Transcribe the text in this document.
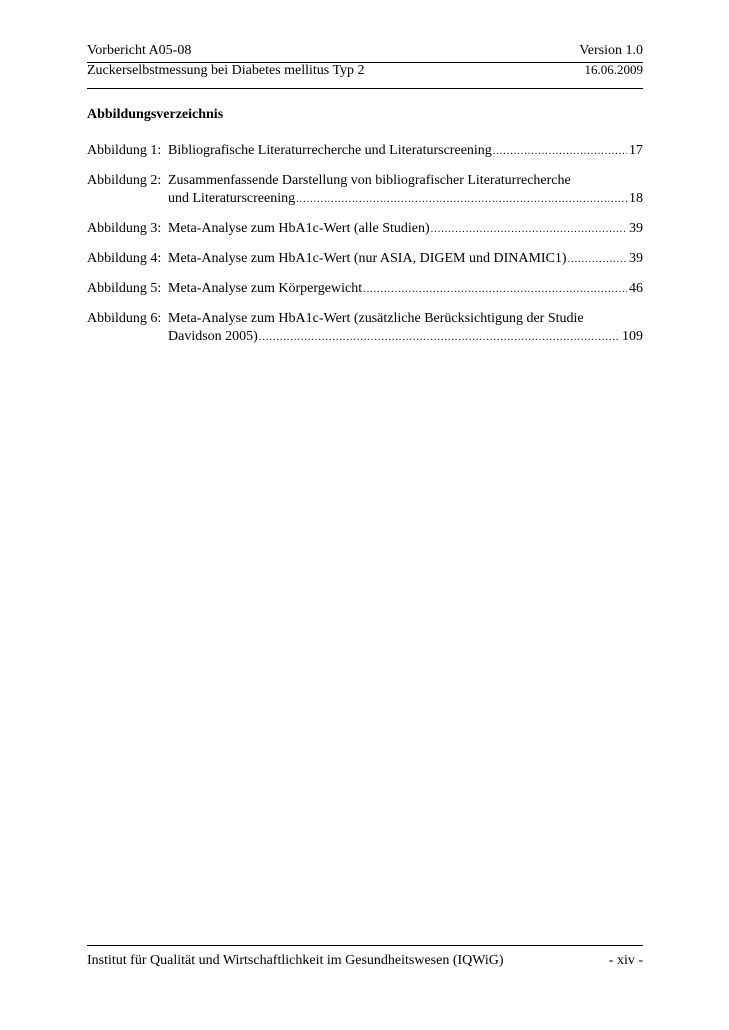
Vorbericht A05-08	Version 1.0
Zuckerselbstmessung bei Diabetes mellitus Typ 2	16.06.2009
Abbildungsverzeichnis
Abbildung 1: Bibliografische Literaturrecherche und Literaturscreening .....	17
Abbildung 2: Zusammenfassende Darstellung von bibliografischer Literaturrecherche
und Literaturscreening .....	18
Abbildung 3: Meta-Analyse zum HbA1c-Wert (alle Studien) .....	39
Abbildung 4: Meta-Analyse zum HbA1c-Wert (nur ASIA, DIGEM und DINAMIC1) .....	39
Abbildung 5: Meta-Analyse zum Körpergewicht .....	46
Abbildung 6: Meta-Analyse zum HbA1c-Wert (zusätzliche Berücksichtigung der Studie
Davidson 2005) .....	109
Institut für Qualität und Wirtschaftlichkeit im Gesundheitswesen (IQWiG)	- xiv -
